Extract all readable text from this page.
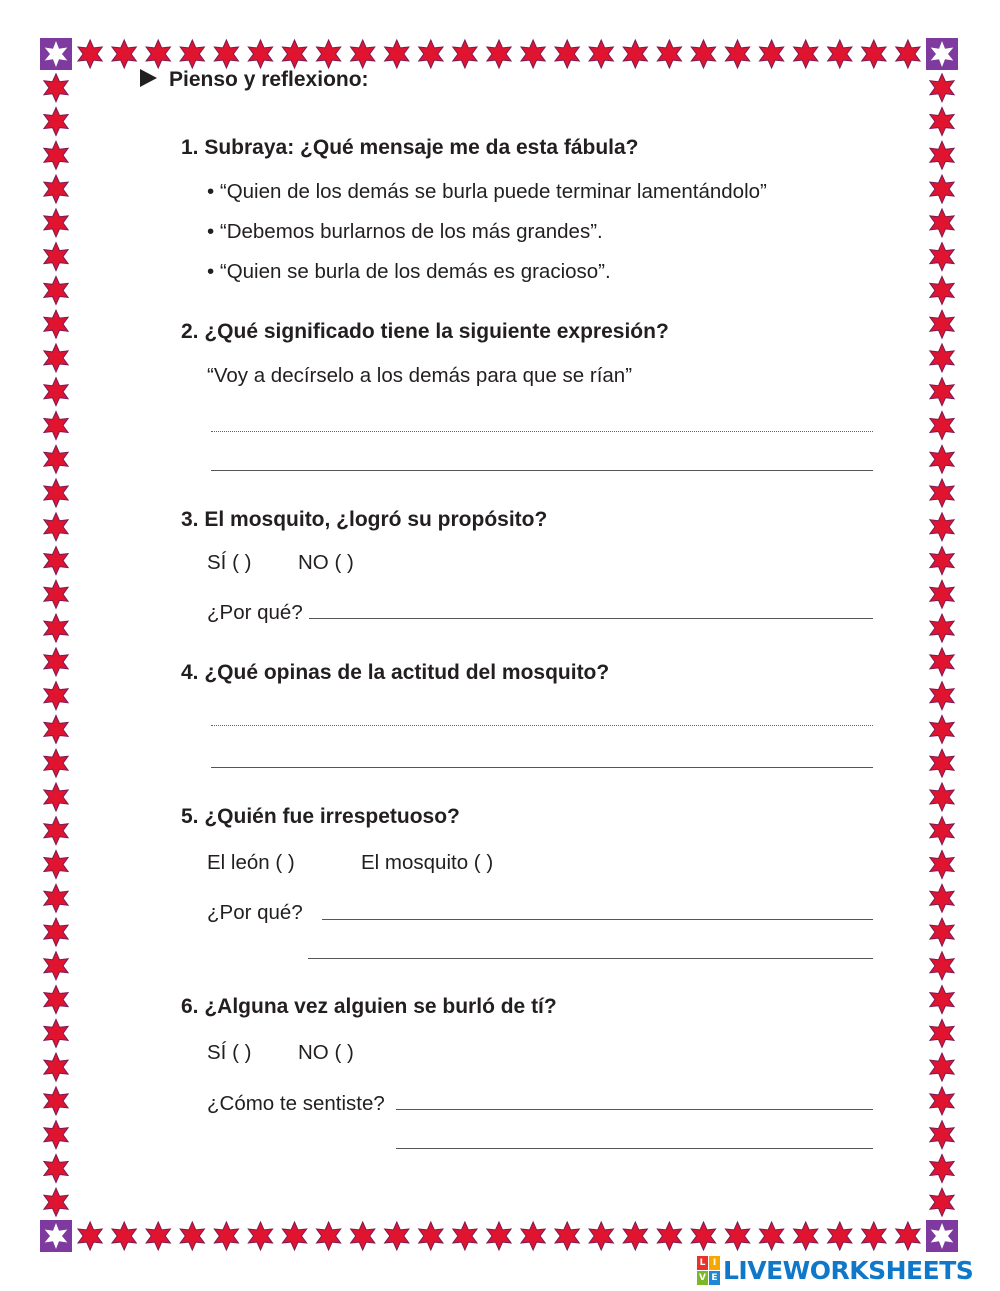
Pienso y reflexiono:
1. Subraya: ¿Qué mensaje me da esta fábula?
• “Quien de los demás se burla puede terminar lamentándolo”
• “Debemos burlarnos de los más grandes”.
• “Quien se burla de los demás es gracioso”.
2. ¿Qué significado tiene la siguiente expresión?
“Voy a decírselo a los demás para que se rían”
3. El mosquito, ¿logró su propósito?
SÍ ( ) NO ( )
¿Por qué?
4. ¿Qué opinas de la actitud del mosquito?
5. ¿Quién fue irrespetuoso?
El león ( )	El mosquito ( )
¿Por qué?
6. ¿Alguna vez alguien se burló de tí?
SÍ ( ) NO ( )
¿Cómo te sentiste?
L I
V E LIVEWORKSHEETS
